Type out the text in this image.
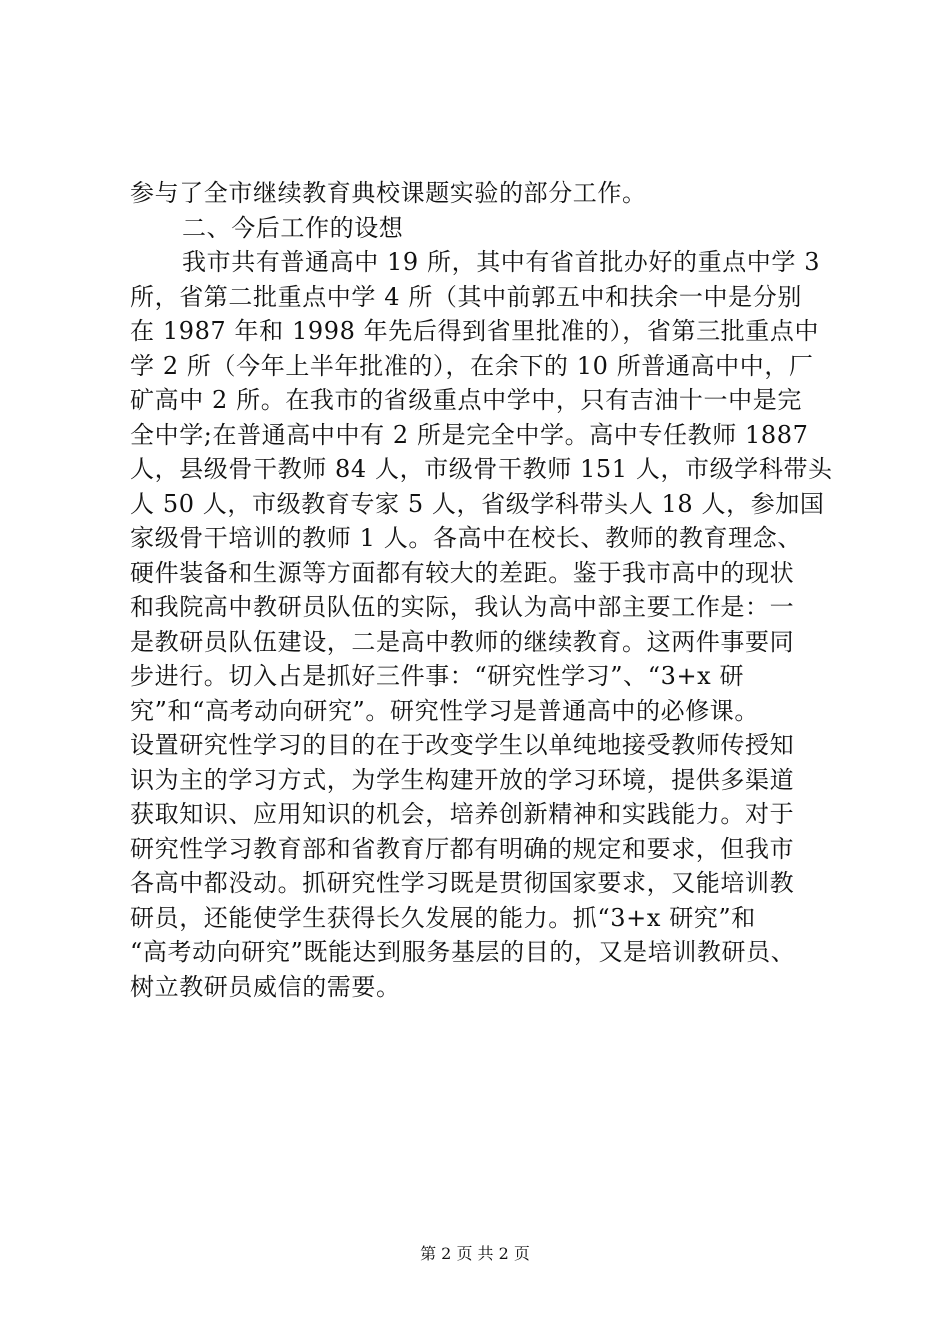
参与了全市继续教育典校课题实验的部分工作。
二、今后工作的设想
我市共有普通高中 19 所，其中有省首批办好的重点中学 3
所，省第二批重点中学 4 所（其中前郭五中和扶余一中是分别
在 1987 年和 1998 年先后得到省里批准的），省第三批重点中
学 2 所（今年上半年批准的），在余下的 10 所普通高中中，厂
矿高中 2 所。在我市的省级重点中学中，只有吉油十一中是完
全中学;在普通高中中有 2 所是完全中学。高中专任教师 1887
人，县级骨干教师 84 人，市级骨干教师 151 人，市级学科带头
人 50 人，市级教育专家 5 人，省级学科带头人 18 人，参加国
家级骨干培训的教师 1 人。各高中在校长、教师的教育理念、
硬件装备和生源等方面都有较大的差距。鉴于我市高中的现状
和我院高中教研员队伍的实际，我认为高中部主要工作是：一
是教研员队伍建设，二是高中教师的继续教育。这两件事要同
步进行。切入占是抓好三件事：“研究性学习”、“3+x 研
究”和“高考动向研究”。研究性学习是普通高中的必修课。
设置研究性学习的目的在于改变学生以单纯地接受教师传授知
识为主的学习方式，为学生构建开放的学习环境，提供多渠道
获取知识、应用知识的机会，培养创新精神和实践能力。对于
研究性学习教育部和省教育厅都有明确的规定和要求，但我市
各高中都没动。抓研究性学习既是贯彻国家要求，又能培训教
研员，还能使学生获得长久发展的能力。抓“3+x 研究”和
“高考动向研究”既能达到服务基层的目的，又是培训教研员、
树立教研员威信的需要。
第 2 页 共 2 页
